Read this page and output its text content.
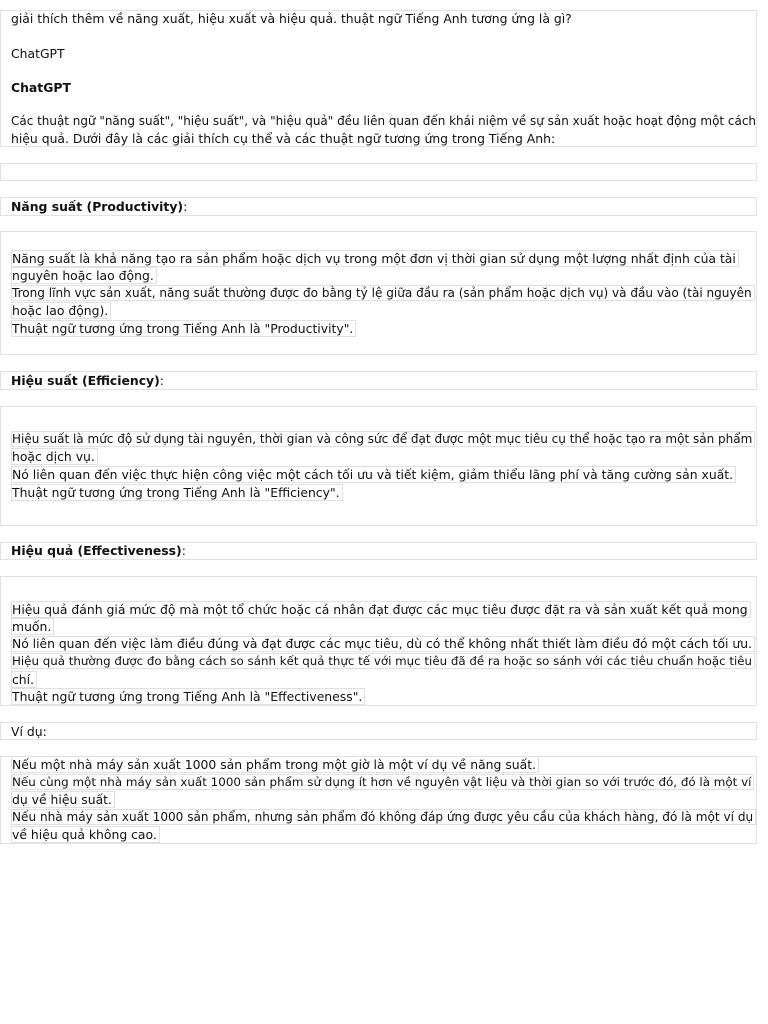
giải thích thêm về năng xuất, hiệu xuất và hiệu quả. thuật ngữ Tiếng Anh tương ứng là gì?
ChatGPT
ChatGPT
Các thuật ngữ "năng suất", "hiệu suất", và "hiệu quả" đều liên quan đến khái niệm về sự sản xuất hoặc hoạt động một cách
hiệu quả. Dưới đây là các giải thích cụ thể và các thuật ngữ tương ứng trong Tiếng Anh:
Năng suất (Productivity):
Năng suất là khả năng tạo ra sản phẩm hoặc dịch vụ trong một đơn vị thời gian sử dụng một lượng nhất định của tài
nguyên hoặc lao động.
Trong lĩnh vực sản xuất, năng suất thường được đo bằng tỷ lệ giữa đầu ra (sản phẩm hoặc dịch vụ) và đầu vào (tài nguyên
hoặc lao động).
Thuật ngữ tương ứng trong Tiếng Anh là "Productivity".
Hiệu suất (Efficiency):
Hiệu suất là mức độ sử dụng tài nguyên, thời gian và công sức để đạt được một mục tiêu cụ thể hoặc tạo ra một sản phẩm
hoặc dịch vụ.
Nó liên quan đến việc thực hiện công việc một cách tối ưu và tiết kiệm, giảm thiểu lãng phí và tăng cường sản xuất.
Thuật ngữ tương ứng trong Tiếng Anh là "Efficiency".
Hiệu quả (Effectiveness):
Hiệu quả đánh giá mức độ mà một tổ chức hoặc cá nhân đạt được các mục tiêu được đặt ra và sản xuất kết quả mong
muốn.
Nó liên quan đến việc làm điều đúng và đạt được các mục tiêu, dù có thể không nhất thiết làm điều đó một cách tối ưu.
Hiệu quả thường được đo bằng cách so sánh kết quả thực tế với mục tiêu đã đề ra hoặc so sánh với các tiêu chuẩn hoặc tiêu
chí.
Thuật ngữ tương ứng trong Tiếng Anh là "Effectiveness".
Ví dụ:
Nếu một nhà máy sản xuất 1000 sản phẩm trong một giờ là một ví dụ về năng suất.
Nếu cùng một nhà máy sản xuất 1000 sản phẩm sử dụng ít hơn về nguyên vật liệu và thời gian so với trước đó, đó là một ví
dụ về hiệu suất.
Nếu nhà máy sản xuất 1000 sản phẩm, nhưng sản phẩm đó không đáp ứng được yêu cầu của khách hàng, đó là một ví dụ
về hiệu quả không cao.
